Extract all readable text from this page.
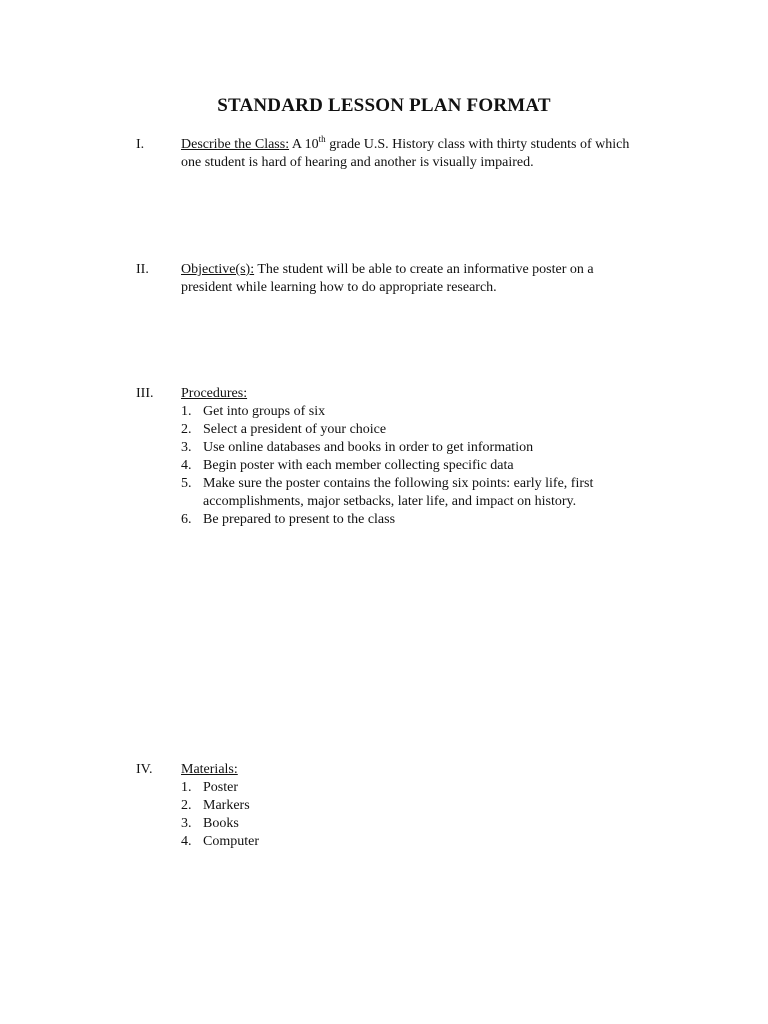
STANDARD LESSON PLAN FORMAT
I.	Describe the Class: A 10th grade U.S. History class with thirty students of which one student is hard of hearing and another is visually impaired.
II. Objective(s): The student will be able to create an informative poster on a president while learning how to do appropriate research.
III. Procedures:
1. Get into groups of six
2. Select a president of your choice
3. Use online databases and books in order to get information
4. Begin poster with each member collecting specific data
5. Make sure the poster contains the following six points: early life, first accomplishments, major setbacks, later life, and impact on history.
6. Be prepared to present to the class
IV. Materials:
1. Poster
2. Markers
3. Books
4. Computer
